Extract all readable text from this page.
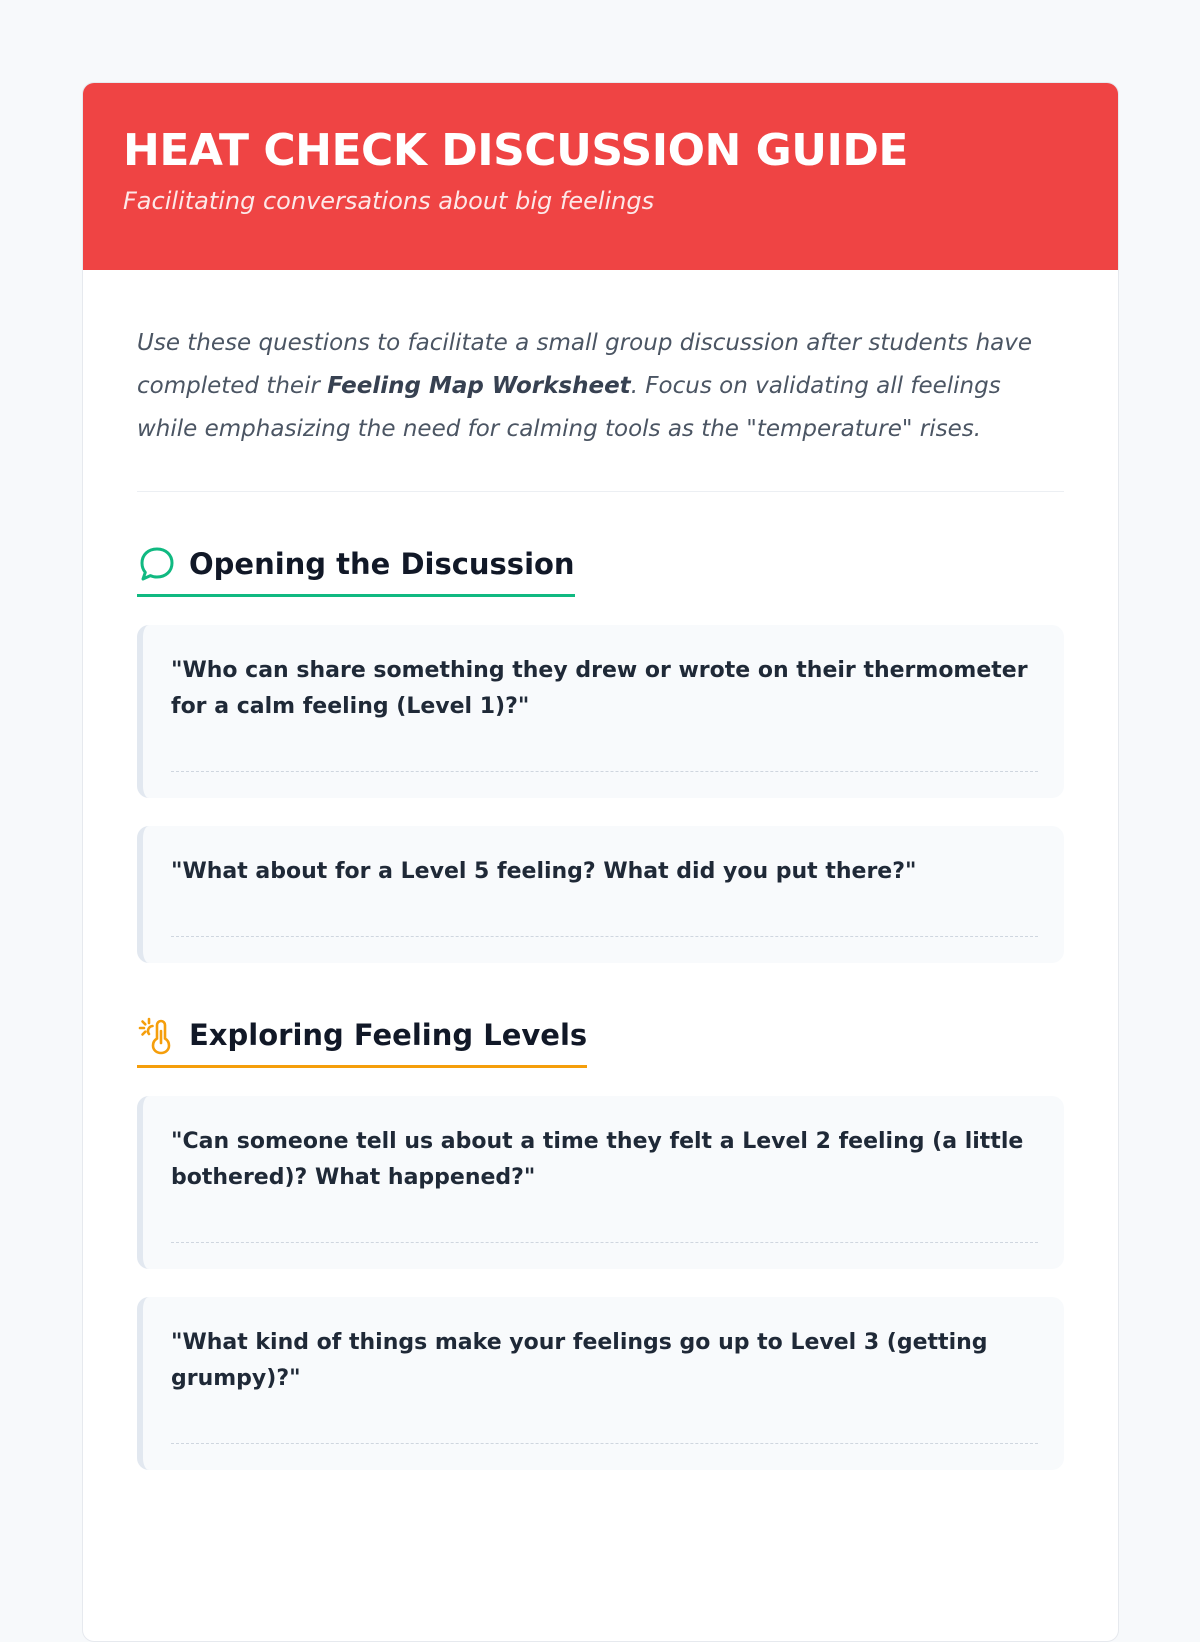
HEAT CHECK DISCUSSION GUIDE

Facilitating conversations about big feelings

Use these questions to facilitate a small group discussion after students have completed their Feeling Map Worksheet. Focus on validating all feelings while emphasizing the need for calming tools as the "temperature" rises.

Opening the Discussion

"Who can share something they drew or wrote on their thermometer for a calm feeling (Level 1)?"

"What about for a Level 5 feeling? What did you put there?"

Exploring Feeling Levels

"Can someone tell us about a time they felt a Level 2 feeling (a little bothered)? What happened?"

"What kind of things make your feelings go up to Level 3 (getting grumpy)?"
